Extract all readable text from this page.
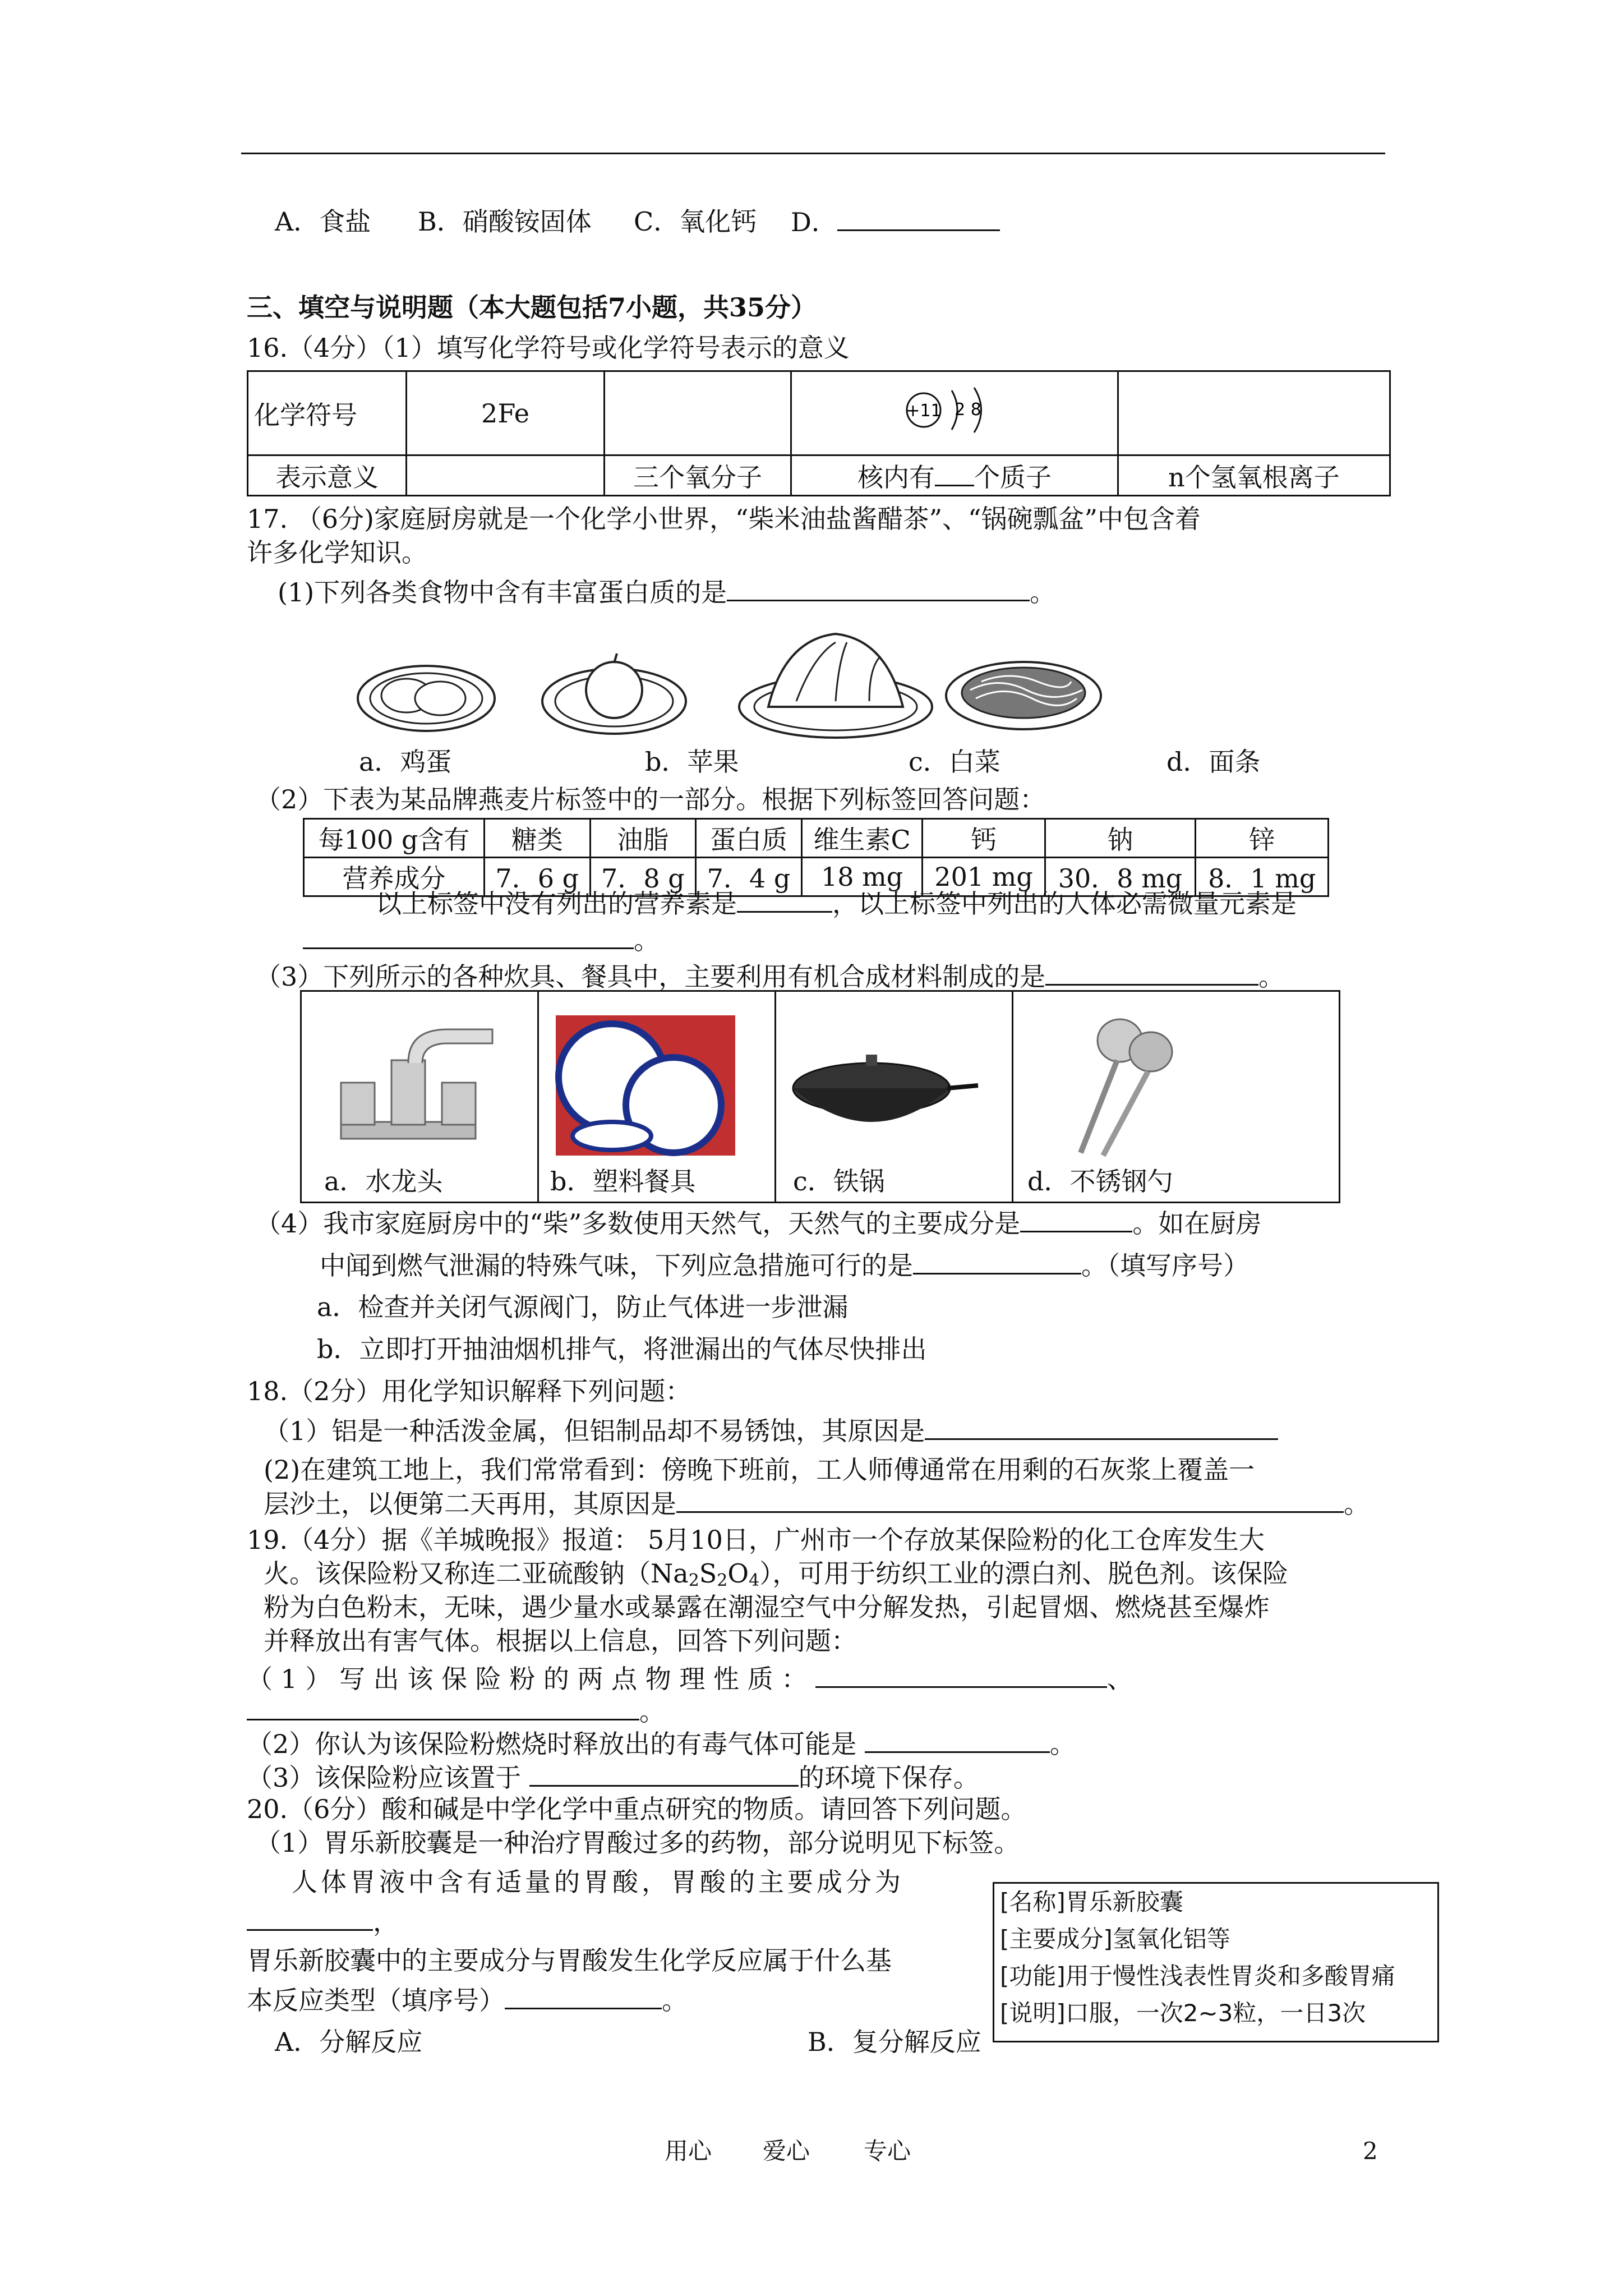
A．食盐 B．硝酸铵固体 C．氧化钙 D．
三、填空与说明题（本大题包括7小题，共35分）
16.（4分）（1）填写化学符号或化学符号表示的意义
化学符号	2Fe		+11 2 8	

表示意义		三个氧分子	核内有 个质子	n个氢氧根离子
17. （6分)家庭厨房就是一个化学小世界，“柴米油盐酱醋茶”、“锅碗瓢盆”中包含着
许多化学知识。
(1)下列各类食物中含有丰富蛋白质的是	。
a．鸡蛋	b．苹果	c．白菜	d．面条
（2）下表为某品牌燕麦片标签中的一部分。根据下列标签回答问题：
每100 g含有	糖类	油脂	蛋白质	维生素C	钙	钠	锌
营养成分	7．6 g	7．8 g	7．4 g	18 mg	201 mg	30．8 mg	8．1 mg
以上标签中没有列出的营养素是	，以上标签中列出的人体必需微量元素是
。
（3）下列所示的各种炊具、餐具中，主要利用有机合成材料制成的是	。
a．水龙头	b．塑料餐具	c．铁锅	d．不锈钢勺
（4）我市家庭厨房中的“柴”多数使用天然气，天然气的主要成分是	。如在厨房
中闻到燃气泄漏的特殊气味，下列应急措施可行的是	。（填写序号）
a．检查并关闭气源阀门，防止气体进一步泄漏
b．立即打开抽油烟机排气，将泄漏出的气体尽快排出
18.（2分）用化学知识解释下列问题：
（1）铝是一种活泼金属，但铝制品却不易锈蚀，其原因是
(2)在建筑工地上，我们常常看到：傍晚下班前，工人师傅通常在用剩的石灰浆上覆盖一
层沙土，以便第二天再用，其原因是	。
19.（4分）据《羊城晚报》报道： 5月10日，广州市一个存放某保险粉的化工仓库发生大
火。该保险粉又称连二亚硫酸钠$(Na_2S_2O_4)$，可用于纺织工业的漂白剂、脱色剂。该保险
粉为白色粉末，无味，遇少量水或暴露在潮湿空气中分解发热，引起冒烟、燃烧甚至爆炸
并释放出有害气体。根据以上信息，回答下列问题：
（ 1 ） 写 出 该 保 险 粉 的 两 点 物 理 性 质 ：	、
。
（2）你认为该保险粉燃烧时释放出的有毒气体可能是	。
（3）该保险粉应该置于	的环境下保存。
20.（6分）酸和碱是中学化学中重点研究的物质。请回答下列问题。
（1）胃乐新胶囊是一种治疗胃酸过多的药物，部分说明见下标签。
人体胃液中含有适量的胃酸，胃酸的主要成分为
，
胃乐新胶囊中的主要成分与胃酸发生化学反应属于什么基
本反应类型（填序号）	。
A．分解反应	B．复分解反应
[名称]胃乐新胶囊
[主要成分]氢氧化铝等
[功能]用于慢性浅表性胃炎和多酸胃痛
[说明]口服，一次2~3粒，一日3次
用心 爱心 专心	2
